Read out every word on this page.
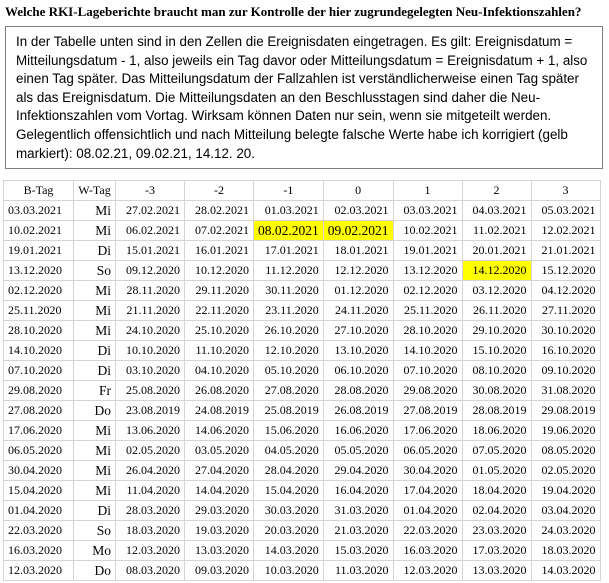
Welche RKI-Lageberichte braucht man zur Kontrolle der hier zugrundegelegten Neu-Infektionszahlen?
In der Tabelle unten sind in den Zellen die Ereignisdaten eingetragen. Es gilt: Ereignisdatum =
Mitteilungsdatum - 1, also jeweils ein Tag davor oder Mitteilungsdatum = Ereignisdatum + 1, also
einen Tag später. Das Mitteilungsdatum der Fallzahlen ist verständlicherweise einen Tag später
als das Ereignisdatum. Die Mitteilungsdaten an den Beschlusstagen sind daher die Neu-
Infektionszahlen vom Vortag. Wirksam können Daten nur sein, wenn sie mitgeteilt werden.
Gelegentlich offensichtlich und nach Mitteilung belegte falsche Werte habe ich korrigiert (gelb
markiert): 08.02.21, 09.02.21, 14.12. 20.
B-Tag	W-Tag	-3	-2	-1	0	1	2	3
03.03.2021	Mi	27.02.2021	28.02.2021	01.03.2021	02.03.2021	03.03.2021	04.03.2021	05.03.2021
10.02.2021	Mi	06.02.2021	07.02.2021	08.02.2021	09.02.2021	10.02.2021	11.02.2021	12.02.2021
19.01.2021	Di	15.01.2021	16.01.2021	17.01.2021	18.01.2021	19.01.2021	20.01.2021	21.01.2021
13.12.2020	So	09.12.2020	10.12.2020	11.12.2020	12.12.2020	13.12.2020	14.12.2020	15.12.2020
02.12.2020	Mi	28.11.2020	29.11.2020	30.11.2020	01.12.2020	02.12.2020	03.12.2020	04.12.2020
25.11.2020	Mi	21.11.2020	22.11.2020	23.11.2020	24.11.2020	25.11.2020	26.11.2020	27.11.2020
28.10.2020	Mi	24.10.2020	25.10.2020	26.10.2020	27.10.2020	28.10.2020	29.10.2020	30.10.2020
14.10.2020	Di	10.10.2020	11.10.2020	12.10.2020	13.10.2020	14.10.2020	15.10.2020	16.10.2020
07.10.2020	Di	03.10.2020	04.10.2020	05.10.2020	06.10.2020	07.10.2020	08.10.2020	09.10.2020
29.08.2020	Fr	25.08.2020	26.08.2020	27.08.2020	28.08.2020	29.08.2020	30.08.2020	31.08.2020
27.08.2020	Do	23.08.2019	24.08.2019	25.08.2019	26.08.2019	27.08.2019	28.08.2019	29.08.2019
17.06.2020	Mi	13.06.2020	14.06.2020	15.06.2020	16.06.2020	17.06.2020	18.06.2020	19.06.2020
06.05.2020	Mi	02.05.2020	03.05.2020	04.05.2020	05.05.2020	06.05.2020	07.05.2020	08.05.2020
30.04.2020	Mi	26.04.2020	27.04.2020	28.04.2020	29.04.2020	30.04.2020	01.05.2020	02.05.2020
15.04.2020	Mi	11.04.2020	14.04.2020	15.04.2020	16.04.2020	17.04.2020	18.04.2020	19.04.2020
01.04.2020	Di	28.03.2020	29.03.2020	30.03.2020	31.03.2020	01.04.2020	02.04.2020	03.04.2020
22.03.2020	So	18.03.2020	19.03.2020	20.03.2020	21.03.2020	22.03.2020	23.03.2020	24.03.2020
16.03.2020	Mo	12.03.2020	13.03.2020	14.03.2020	15.03.2020	16.03.2020	17.03.2020	18.03.2020
12.03.2020	Do	08.03.2020	09.03.2020	10.03.2020	11.03.2020	12.03.2020	13.03.2020	14.03.2020
